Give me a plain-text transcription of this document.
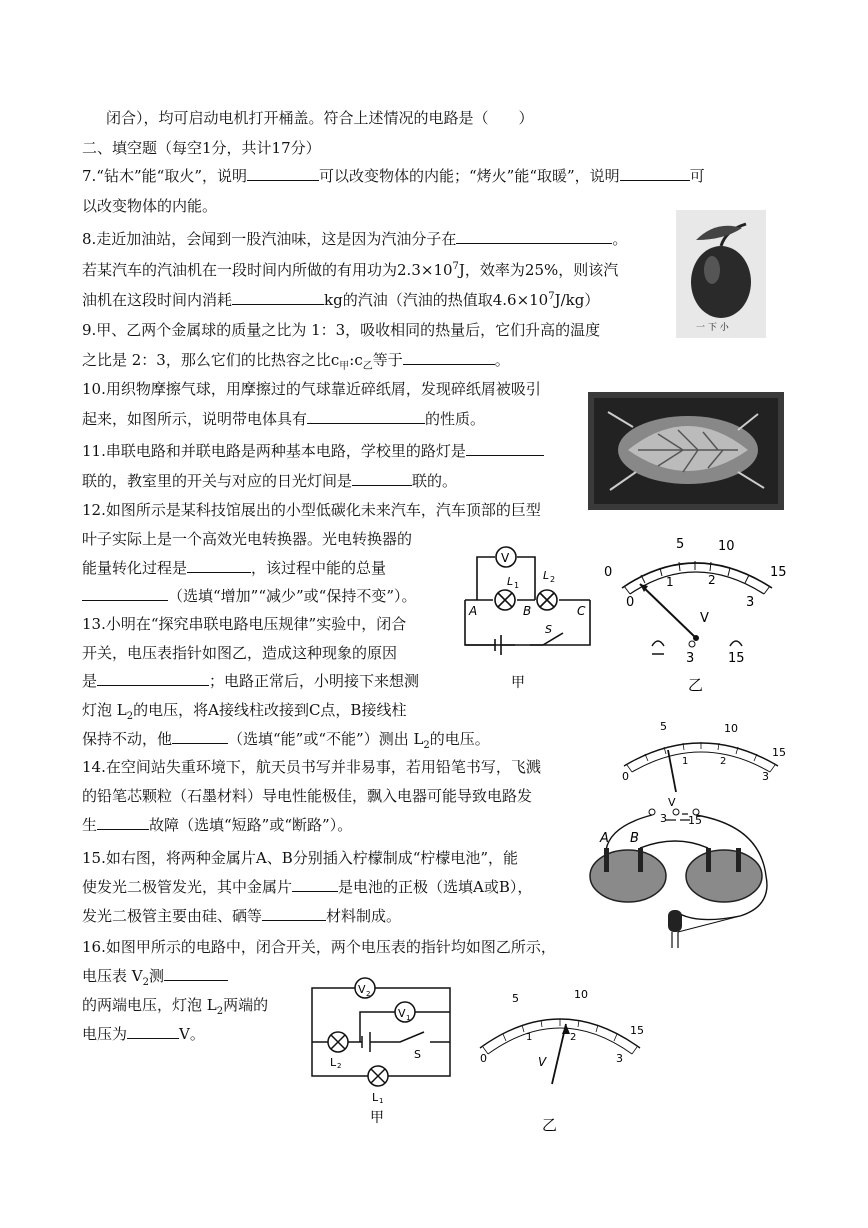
闭合），均可启动电机打开桶盖。符合上述情况的电路是（　　）
二、填空题（每空1分，共计17分）
7.“钻木”能“取火”，说明	可以改变物体的内能；“烤火”能“取暖”，说明	可
以改变物体的内能。
8.走近加油站，会闻到一股汽油味，这是因为汽油分子在	。
若某汽车的汽油机在一段时间内所做的有用功为$2.3\times 10^7J$，效率为25%，则该汽
油机在这段时间内消耗	kg的汽油（汽油的热值取$4.6\times 10^7J/kg$）
9.甲、乙两个金属球的质量之比为 1：3，吸收相同的热量后，它们升高的温度
之比是 2：3，那么它们的比热容之比$c_甲:c_乙$等于	。
10.用织物摩擦气球，用摩擦过的气球靠近碎纸屑，发现碎纸屑被吸引
起来，如图所示，说明带电体具有	的性质。
11.串联电路和并联电路是两种基本电路，学校里的路灯是
联的，教室里的开关与对应的日光灯间是	联的。
12.如图所示是某科技馆展出的小型低碳化未来汽车，汽车顶部的巨型
叶子实际上是一个高效光电转换器。光电转换器的
能量转化过程是	，该过程中能的总量
（选填“增加”“减少”或“保持不变”）。
13.小明在“探究串联电路电压规律”实验中，闭合
开关，电压表指针如图乙，造成这种现象的原因
是	；电路正常后，小明接下来想测
灯泡 $L_2$的电压，将A接线柱改接到C点，B接线柱
保持不动，他	（选填“能”或“不能”）测出 $L_2$的电压。
14.在空间站失重环境下，航天员书写并非易事，若用铅笔书写，飞溅
的铅笔芯颗粒（石墨材料）导电性能极佳，飘入电器可能导致电路发
生	故障（选填“短路”或“断路”）。
15.如右图，将两种金属片A、B分别插入柠檬制成“柠檬电池”，能
使发光二极管发光，其中金属片	是电池的正极（选填A或B），
发光二极管主要由硅、硒等	材料制成。
16.如图甲所示的电路中，闭合开关，两个电压表的指针均如图乙所示，
电压表 $V_2$测
的两端电压，灯泡 $L_2$两端的
电压为	V。
一 下 小
V
L 1
L 2
A	B	C
S
甲
5	10
15
0
0
1	2
3
V
3	15
乙
5	10
15
0
1	2
3
V
3 15
A B
V 2
V 1
L 2
L 1
S
甲
5	10
15
0
1	2
3
V
乙
